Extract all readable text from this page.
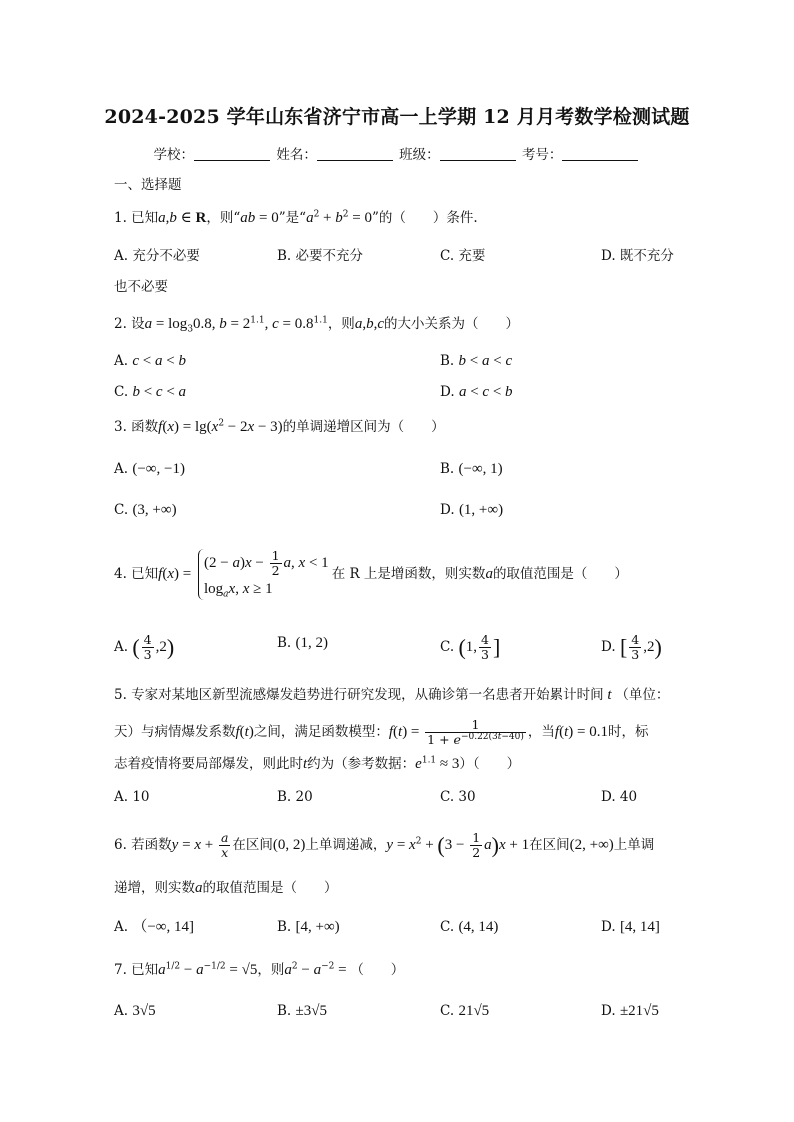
2024-2025 学年山东省济宁市高一上学期 12 月月考数学检测试题
学校：	姓名：	班级：	考号：
一、选择题
1. 已知a,b ∈ R，则“ab = 0”是“$a^2 + b^2 = 0$”的（　　）条件.
A. 充分不必要	B. 必要不充分	C. 充要	D. 既不充分
也不必要
2. 设$a = \log_30.8$, $b = 2^{1.1}$, $c = 0.8^{1.1}$，则a,b,c的大小关系为（　　）
A. c < a < b	B. b < a < c
C. b < c < a	D. a < c < b
3. 函数$f(x) = \lg(x^2 - 2x - 3)$的单调递增区间为（　　）
A. (−∞, −1)	B. (−∞, 1)
C. (3, +∞)	D. (1, +∞)
4. 已知f(x) =
$(2 - a)x - \frac{1}{2} a$, x < 1
$\log_ax$, x ≥ 1
在 R 上是增函数，则实数a的取值范围是（　　）
A. ( $\frac{4}{3} ,2$)	B. (1, 2)	C. (1, $\frac{4}{3}$ ]	D. [ $\frac{4}{3} ,2$)
5. 专家对某地区新型流感爆发趋势进行研究发现，从确诊第一名患者开始累计时间 t （单位：
天）与病情爆发系数f(t)之间，满足函数模型：$f(t) = \frac{1}{1 + e^{-0.22(3t-40)}}$ ，当f(t) = 0.1时，标
志着疫情将要局部爆发，则此时t约为（参考数据：$e^{1.1} \approx 3$）（　　）
A. 10	B. 20	C. 30	D. 40
6. 若函数$y = x + \frac{a}{x}$ 在区间(0, 2)上单调递减，$y = x^2 + (3 - \frac{1}{2} a)x + 1$在区间(2, +∞)上单调
递增，则实数a的取值范围是（　　）
A. （−∞, 14]	B. [4, +∞)	C. (4, 14)	D. [4, 14]
7. 已知$a^{1/2} - a^{-1/2} = √5$，则$a^2 - a^{-2}$ = （　　）
A. 3√5	B. ±3√5	C. 21√5	D. ±21√5
